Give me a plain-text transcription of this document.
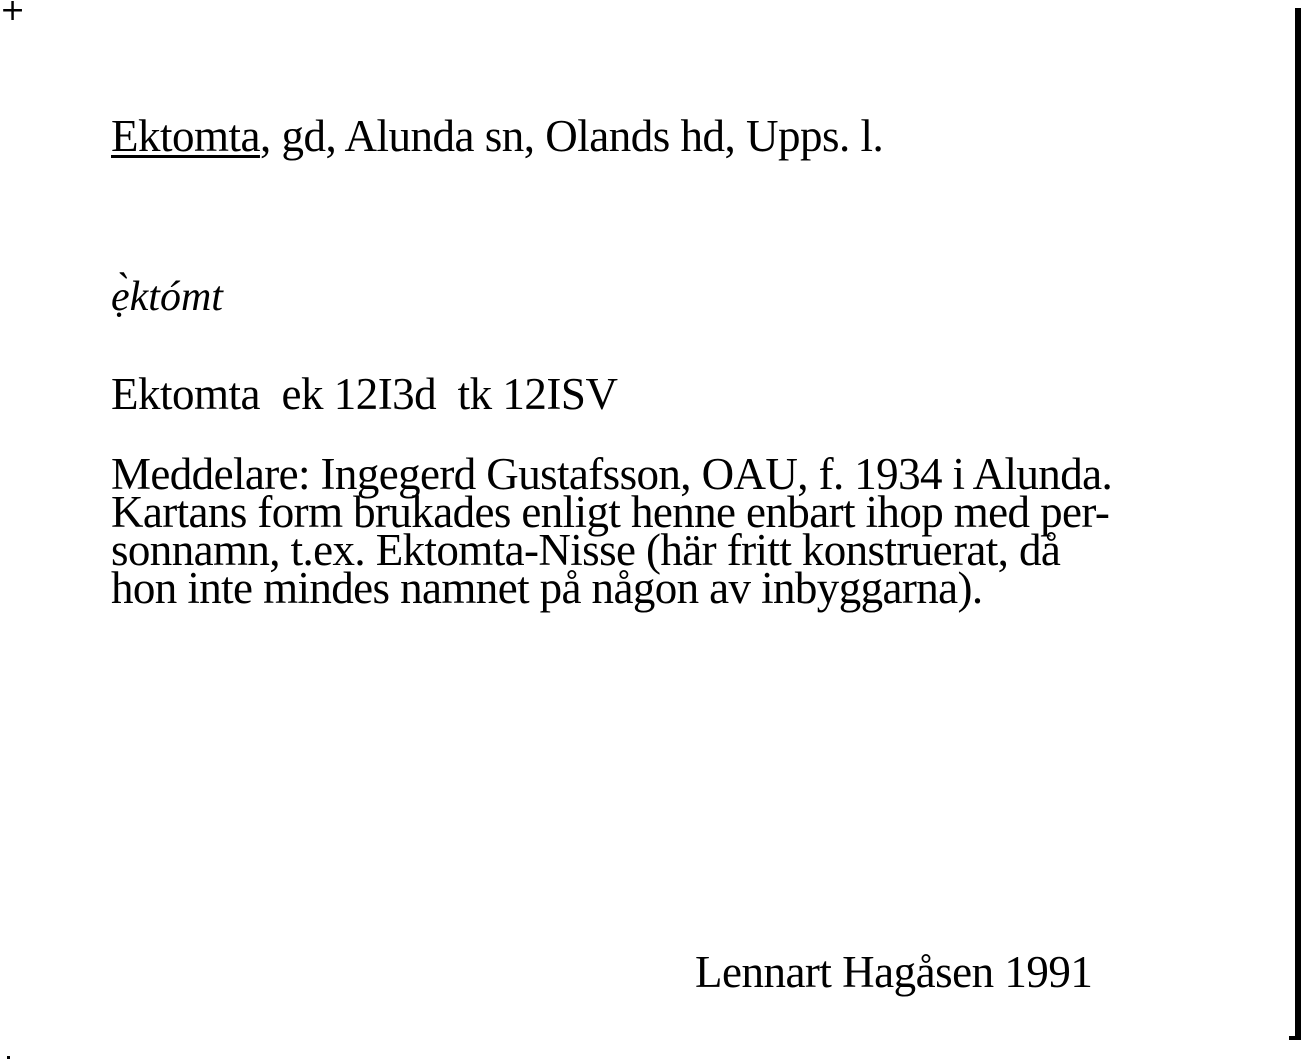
+
Ektomta, gd, Alunda sn, Olands hd, Upps. l.
ẹ̀któmt
Ektomta  ek 12I3d  tk 12ISV
Meddelare: Ingegerd Gustafsson, OAU, f. 1934 i Alunda.
Kartans form brukades enligt henne enbart ihop med per-
sonnamn, t.ex. Ektomta-Nisse (här fritt konstruerat, då
hon inte mindes namnet på någon av inbyggarna).
Lennart Hagåsen 1991
